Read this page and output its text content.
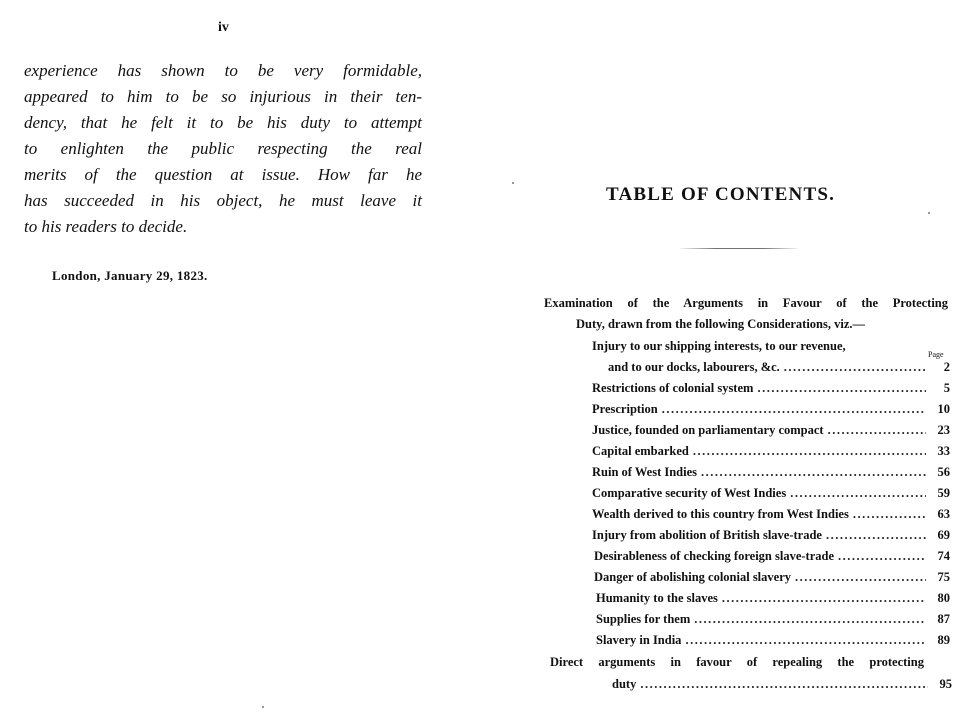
iv
experience has shown to be very formidable,
appeared to him to be so injurious in their ten-
dency, that he felt it to be his duty to attempt
to enlighten the public respecting the real
merits of the question at issue. How far he
has succeeded in his object, he must leave it
to his readers to decide.
London, January 29, 1823.
TABLE OF CONTENTS.
Page
Examination of the Arguments in Favour of the Protecting
Duty, drawn from the following Considerations, viz.—
Injury to our shipping interests, to our revenue,
and to our docks, labourers, &c. .....	2
Restrictions of colonial system .....	5
Prescription .....	10
Justice, founded on parliamentary compact .....	23
Capital embarked .....	33
Ruin of West Indies .....	56
Comparative security of West Indies .....	59
Wealth derived to this country from West Indies .....	63
Injury from abolition of British slave-trade .....	69
Desirableness of checking foreign slave-trade .....	74
Danger of abolishing colonial slavery .....	75
Humanity to the slaves .....	80
Supplies for them .....	87
Slavery in India .....	89
Direct arguments in favour of repealing the protecting
duty .....	95
